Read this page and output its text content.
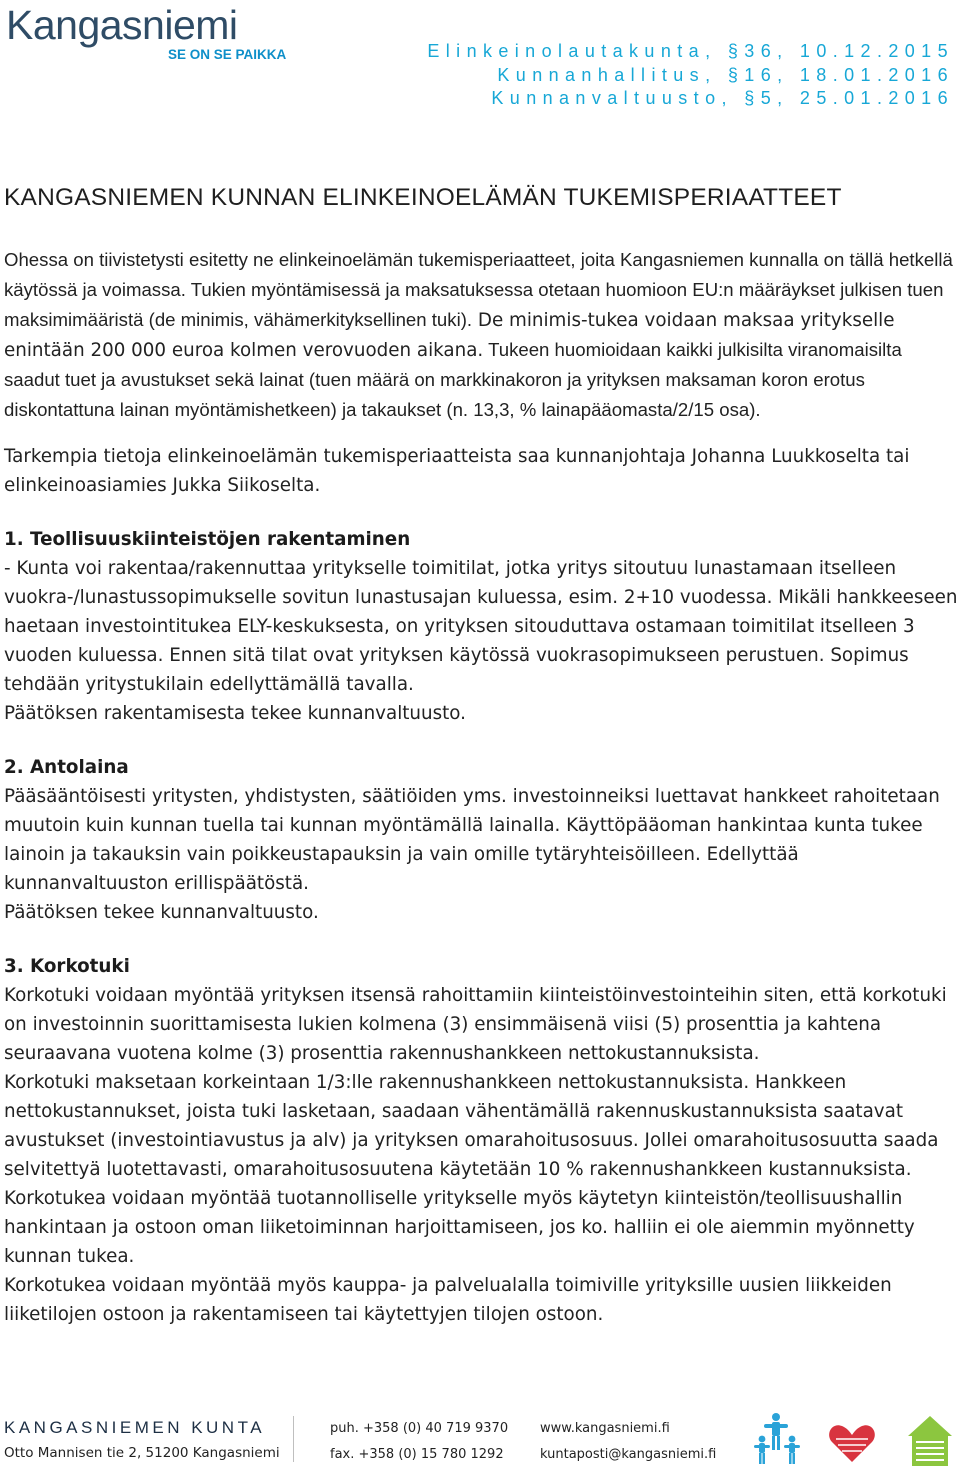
Kangasniemi
SE ON SE PAIKKA	Elinkeinolautakunta, §36, 10.12.2015
Kunnanhallitus, §16, 18.01.2016
Kunnanvaltuusto, §5, 25.01.2016
KANGASNIEMEN KUNNAN ELINKEINOELÄMÄN TUKEMISPERIAATTEET

Ohessa on tiivistetysti esitetty ne elinkeinoelämän tukemisperiaatteet, joita Kangasniemen kunnalla on tällä hetkellä käytössä ja voimassa. Tukien myöntämisessä ja maksatuksessa otetaan huomioon EU:n määräykset julkisen tuen maksimimääristä (de minimis, vähämerkityksellinen tuki). De minimis-tukea voidaan maksaa yritykselle enintään 200 000 euroa kolmen verovuoden aikana. Tukeen huomioidaan kaikki julkisilta viranomaisilta saadut tuet ja avustukset sekä lainat (tuen määrä on markkinakoron ja yrityksen maksaman koron erotus diskontattuna lainan myöntämishetkeen) ja takaukset (n. 13,3, % lainapääomasta/2/15 osa).

Tarkempia tietoja elinkeinoelämän tukemisperiaatteista saa kunnanjohtaja Johanna Luukkoselta tai elinkeinoasiamies Jukka Siikoselta.

1. Teollisuuskiinteistöjen rakentaminen

- Kunta voi rakentaa/rakennuttaa yritykselle toimitilat, jotka yritys sitoutuu lunastamaan itselleen vuokra-/lunastussopimukselle sovitun lunastusajan kuluessa, esim. 2+10 vuodessa. Mikäli hankkeeseen haetaan investointitukea ELY-keskuksesta, on yrityksen sitouduttava ostamaan toimitilat itselleen 3 vuoden kuluessa. Ennen sitä tilat ovat yrityksen käytössä vuokrasopimukseen perustuen. Sopimus tehdään yritystukilain edellyttämällä tavalla.

Päätöksen rakentamisesta tekee kunnanvaltuusto.

2. Antolaina

Pääsääntöisesti yritysten, yhdistysten, säätiöiden yms. investoinneiksi luettavat hankkeet rahoitetaan muutoin kuin kunnan tuella tai kunnan myöntämällä lainalla. Käyttöpääoman hankintaa kunta tukee lainoin ja takauksin vain poikkeustapauksin ja vain omille tytäryhteisöilleen. Edellyttää kunnanvaltuuston erillispäätöstä.

Päätöksen tekee kunnanvaltuusto.

3. Korkotuki

Korkotuki voidaan myöntää yrityksen itsensä rahoittamiin kiinteistöinvestointeihin siten, että korkotuki on investoinnin suorittamisesta lukien kolmena (3) ensimmäisenä viisi (5) prosenttia ja kahtena seuraavana vuotena kolme (3) prosenttia rakennushankkeen nettokustannuksista.

Korkotuki maksetaan korkeintaan 1/3:lle rakennushankkeen nettokustannuksista. Hankkeen nettokustannukset, joista tuki lasketaan, saadaan vähentämällä rakennuskustannuksista saatavat avustukset (investointiavustus ja alv) ja yrityksen omarahoitusosuus. Jollei omarahoitusosuutta saada selvitettyä luotettavasti, omarahoitusosuutena käytetään 10 % rakennushankkeen kustannuksista. Korkotukea voidaan myöntää tuotannolliselle yritykselle myös käytetyn kiinteistön/teollisuushallin hankintaan ja ostoon oman liiketoiminnan harjoittamiseen, jos ko. halliin ei ole aiemmin myönnetty kunnan tukea.

Korkotukea voidaan myöntää myös kauppa- ja palvelualalla toimiville yrityksille uusien liikkeiden liiketilojen ostoon ja rakentamiseen tai käytettyjen tilojen ostoon.

KANGASNIEMEN KUNTA
Otto Mannisen tie 2, 51200 Kangasniemi
puh. +358 (0) 40 719 9370
fax. +358 (0) 15 780 1292
www.kangasniemi.fi
kuntaposti@kangasniemi.fi
